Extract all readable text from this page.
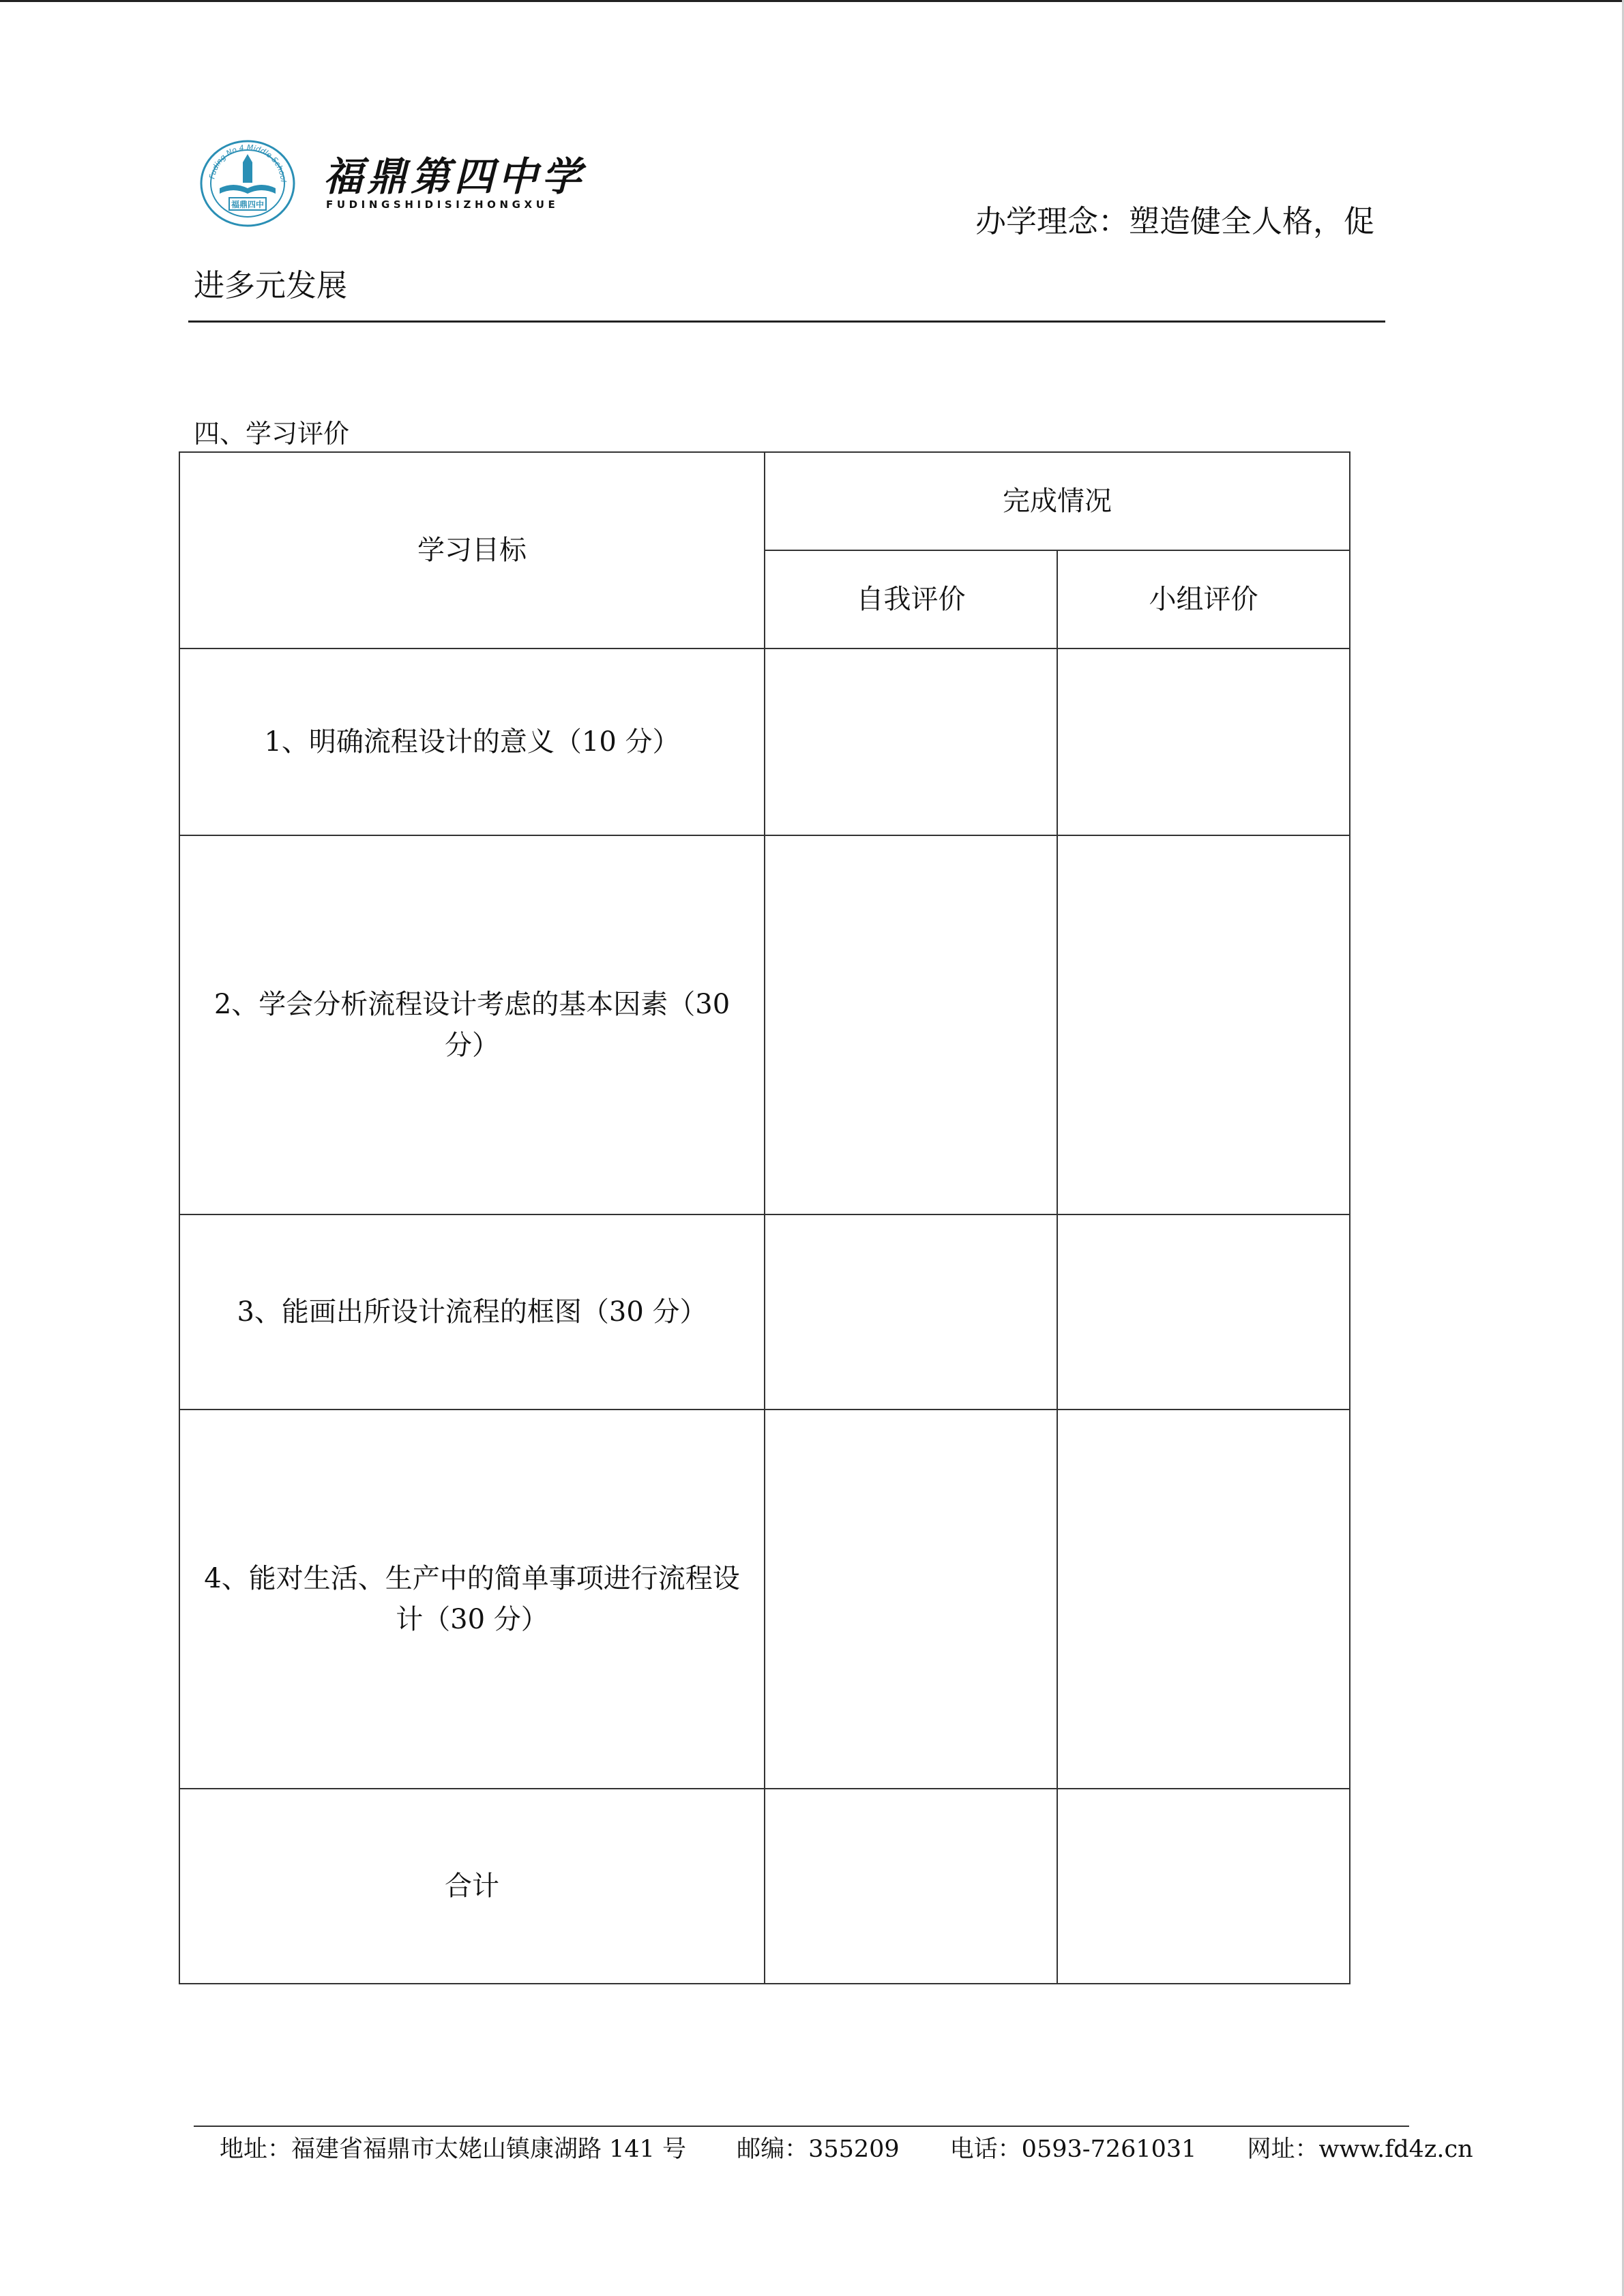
Fuding No.4 Middle School
福鼎四中
福鼎第四中学
FUDINGSHIDISIZHONGXUE	办学理念：塑造健全人格，促
进多元发展
四、学习评价
学习目标	完成情况	
	自我评价	小组评价
1、明确流程设计的意义（10 分）		
2、学会分析流程设计考虑的基本因素（30 分）		
3、能画出所设计流程的框图（30 分）		
4、能对生活、生产中的简单事项进行流程设计（30 分）		
合计		
地址：福建省福鼎市太姥山镇康湖路 141 号 邮编：355209 电话：0593-7261031 网址：www.fd4z.cn
